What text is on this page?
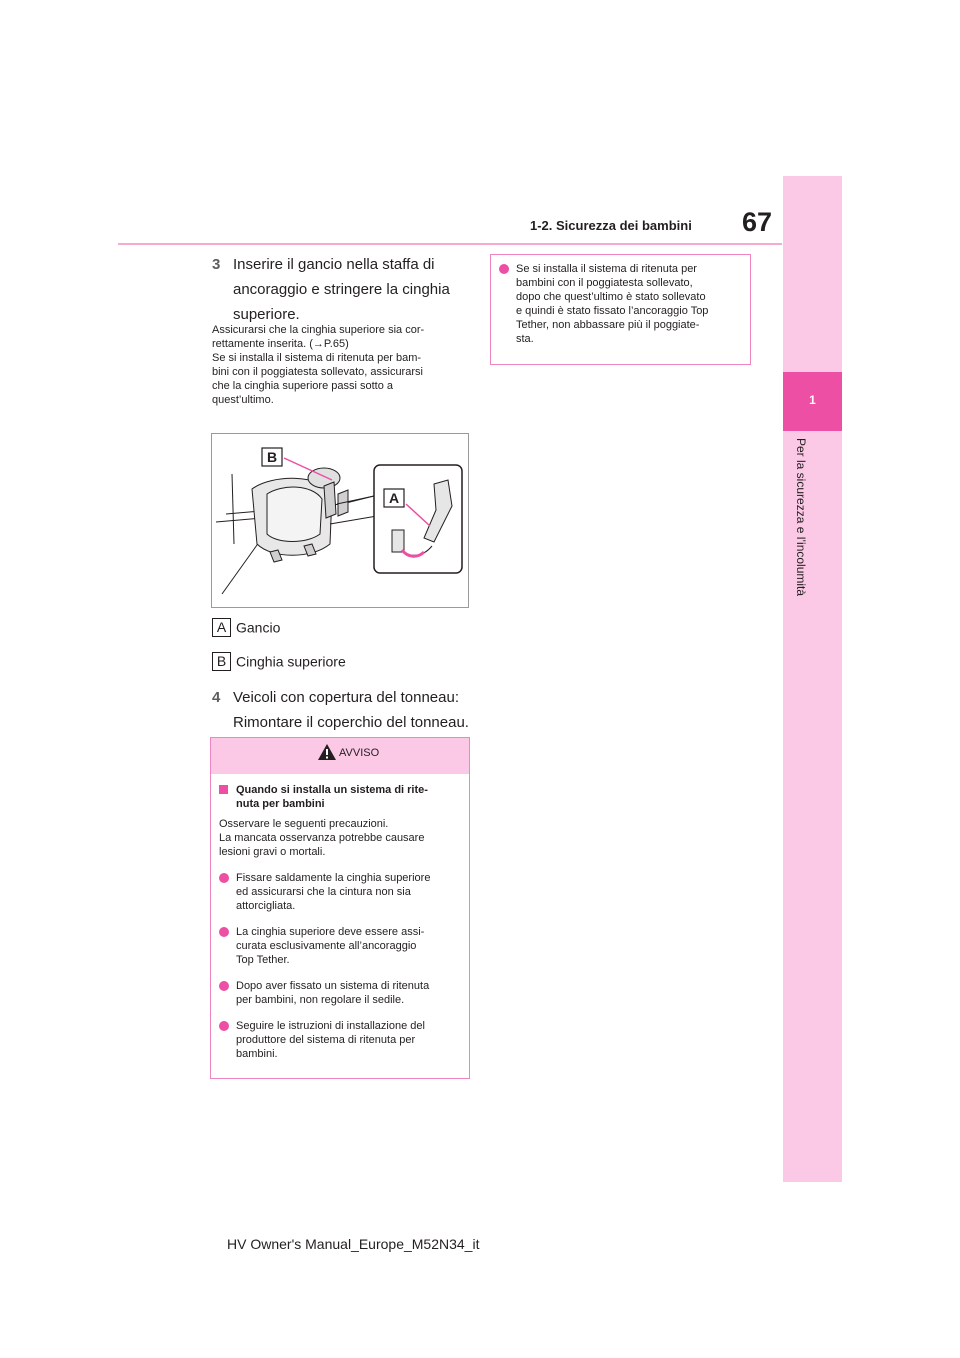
1
Per la sicurezza e l’incolumità
1-2. Sicurezza dei bambini 67
3 Inserire il gancio nella staffa di
ancoraggio e stringere la cinghia
superiore.

Assicurarsi che la cinghia superiore sia cor-

rettamente inserita. (→P.65)

Se si installa il sistema di ritenuta per bam-

bini con il poggiatesta sollevato, assicurarsi

che la cinghia superiore passi sotto a

quest’ultimo.

B
A
A Gancio
B Cinghia superiore
4 Veicoli con copertura del tonneau:
Rimontare il coperchio del tonneau.
AVVISO

Quando si installa un sistema di rite-
nuta per bambini

Osservare le seguenti precauzioni.

La mancata osservanza potrebbe causare

lesioni gravi o mortali.

Fissare saldamente la cinghia superiore
ed assicurarsi che la cintura non sia
attorcigliata.

La cinghia superiore deve essere assi-
curata esclusivamente all’ancoraggio
Top Tether.

Dopo aver fissato un sistema di ritenuta
per bambini, non regolare il sedile.

Seguire le istruzioni di installazione del
produttore del sistema di ritenuta per
bambini.

Se si installa il sistema di ritenuta per
bambini con il poggiatesta sollevato,
dopo che quest’ultimo è stato sollevato
e quindi è stato fissato l’ancoraggio Top
Tether, non abbassare più il poggiate-
sta.

HV Owner's Manual_Europe_M52N34_it
